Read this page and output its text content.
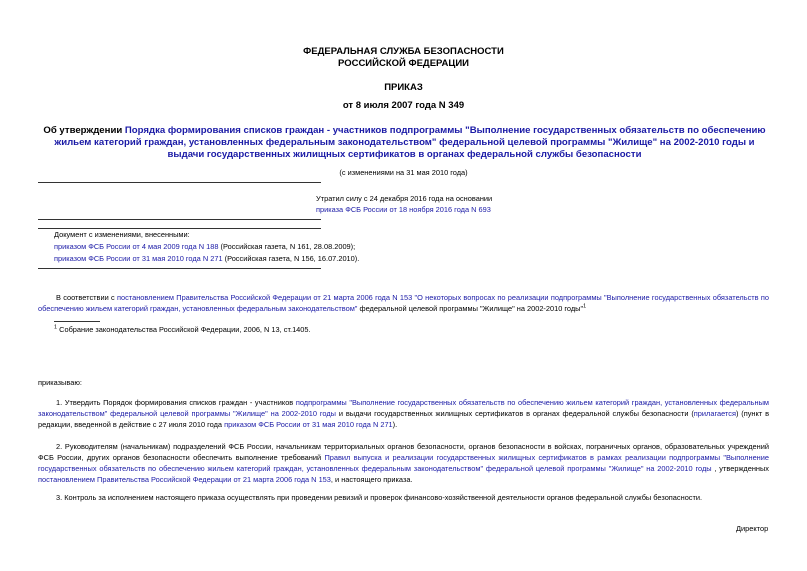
ФЕДЕРАЛЬНАЯ СЛУЖБА БЕЗОПАСНОСТИ
РОССИЙСКОЙ ФЕДЕРАЦИИ
ПРИКАЗ
от 8 июля 2007 года N 349
Об утверждении Порядка формирования списков граждан - участников подпрограммы "Выполнение государственных обязательств по обеспечению жильем категорий граждан, установленных федеральным законодательством" федеральной целевой программы "Жилище" на 2002-2010 годы и выдачи государственных жилищных сертификатов в органах федеральной службы безопасности
(с изменениями на 31 мая 2010 года)
Утратил силу с 24 декабря 2016 года на основании
приказа ФСБ России от 18 ноября 2016 года N 693
Документ с изменениями, внесенными:
приказом ФСБ России от 4 мая 2009 года N 188 (Российская газета, N 161, 28.08.2009);
приказом ФСБ России от 31 мая 2010 года N 271 (Российская газета, N 156, 16.07.2010).
В соответствии с постановлением Правительства Российской Федерации от 21 марта 2006 года N 153 "О некоторых вопросах по реализации подпрограммы "Выполнение государственных обязательств по обеспечению жильем категорий граждан, установленных федеральным законодательством" федеральной целевой программы "Жилище" на 2002-2010 годы"$^1$
$^1$ Собрание законодательства Российской Федерации, 2006, N 13, ст.1405.
приказываю:
1. Утвердить Порядок формирования списков граждан - участников подпрограммы "Выполнение государственных обязательств по обеспечению жильем категорий граждан, установленных федеральным законодательством" федеральной целевой программы "Жилище" на 2002-2010 годы и выдачи государственных жилищных сертификатов в органах федеральной службы безопасности (прилагается) (пункт в редакции, введенной в действие с 27 июля 2010 года приказом ФСБ России от 31 мая 2010 года N 271).
2. Руководителям (начальникам) подразделений ФСБ России, начальникам территориальных органов безопасности, органов безопасности в войсках, пограничных органов, образовательных учреждений ФСБ России, других органов безопасности обеспечить выполнение требований Правил выпуска и реализации государственных жилищных сертификатов в рамках реализации подпрограммы "Выполнение государственных обязательств по обеспечению жильем категорий граждан, установленных федеральным законодательством" федеральной целевой программы "Жилище" на 2002-2010 годы , утвержденных постановлением Правительства Российской Федерации от 21 марта 2006 года N 153, и настоящего приказа.
3. Контроль за исполнением настоящего приказа осуществлять при проведении ревизий и проверок финансово-хозяйственной деятельности органов федеральной службы безопасности.
Директор
